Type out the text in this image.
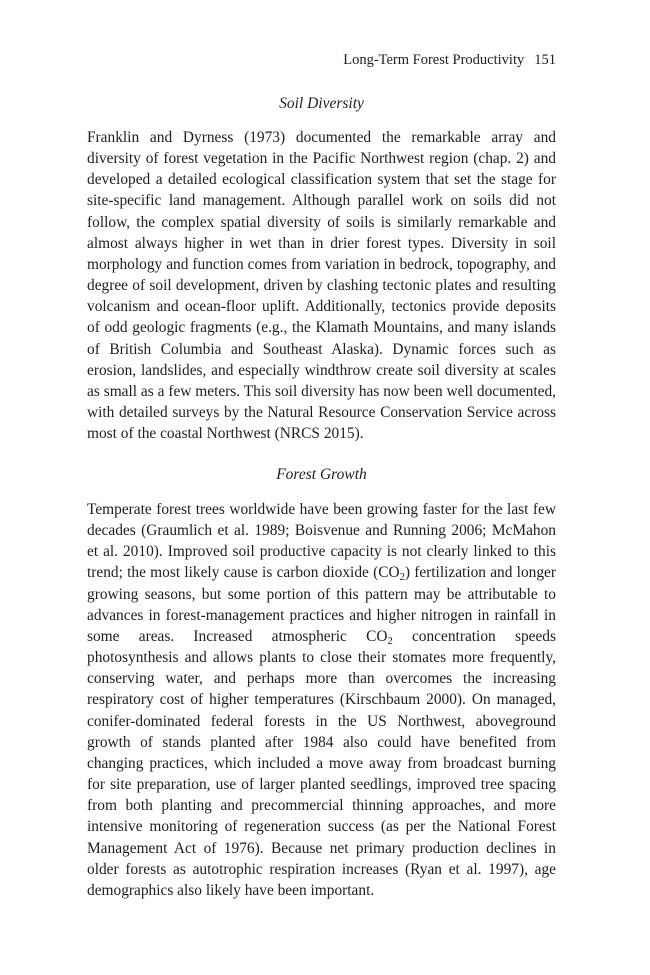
Long-Term Forest Productivity 151
Soil Diversity

Franklin and Dyrness (1973) documented the remarkable array and diversity of forest vegetation in the Pacific Northwest region (chap. 2) and developed a detailed ecological classification system that set the stage for site-specific land management. Although parallel work on soils did not follow, the complex spatial diversity of soils is similarly remarkable and almost always higher in wet than in drier forest types. Diversity in soil morphology and function comes from variation in bedrock, topography, and degree of soil development, driven by clashing tectonic plates and resulting volcanism and ocean-floor uplift. Additionally, tectonics provide deposits of odd geologic fragments (e.g., the Klamath Mountains, and many islands of British Columbia and Southeast Alaska). Dynamic forces such as erosion, landslides, and especially windthrow create soil diversity at scales as small as a few meters. This soil diversity has now been well documented, with detailed surveys by the Natural Resource Conservation Service across most of the coastal Northwest (NRCS 2015).

Forest Growth

Temperate forest trees worldwide have been growing faster for the last few decades (Graumlich et al. 1989; Boisvenue and Running 2006; McMahon et al. 2010). Improved soil productive capacity is not clearly linked to this trend; the most likely cause is carbon dioxide $(CO_2)$ fertilization and longer growing seasons, but some portion of this pattern may be attributable to advances in forest-management practices and higher nitrogen in rainfall in some areas. Increased atmospheric $CO_2$ concentration speeds photosynthesis and allows plants to close their stomates more frequently, conserving water, and perhaps more than overcomes the increasing respiratory cost of higher temperatures (Kirschbaum 2000). On managed, conifer-dominated federal forests in the US Northwest, aboveground growth of stands planted after 1984 also could have benefited from changing practices, which included a move away from broadcast burning for site preparation, use of larger planted seedlings, improved tree spacing from both planting and precommercial thinning approaches, and more intensive monitoring of regeneration success (as per the National Forest Management Act of 1976). Because net primary production declines in older forests as autotrophic respiration increases (Ryan et al. 1997), age demographics also likely have been important.
